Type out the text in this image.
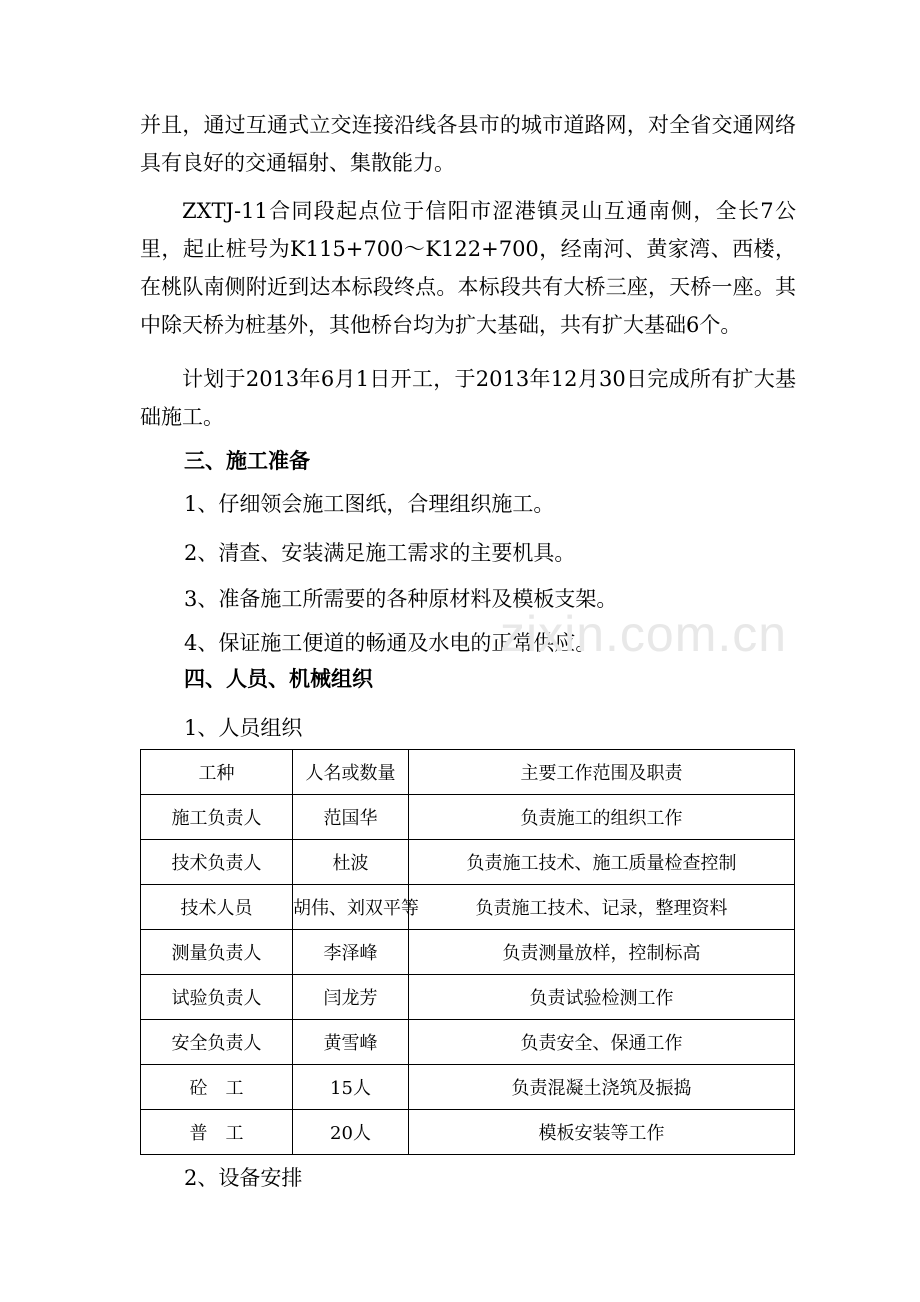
并且，通过互通式立交连接沿线各县市的城市道路网，对全省交通网络具有良好的交通辐射、集散能力。

ZXTJ-11合同段起点位于信阳市涩港镇灵山互通南侧，全长7公里，起止桩号为K115+700～K122+700，经南河、黄家湾、西楼，在桃队南侧附近到达本标段终点。本标段共有大桥三座，天桥一座。其中除天桥为桩基外，其他桥台均为扩大基础，共有扩大基础6个。

计划于2013年6月1日开工，于2013年12月30日完成所有扩大基础施工。

三、施工准备
1、仔细领会施工图纸，合理组织施工。
2、清查、安装满足施工需求的主要机具。
3、准备施工所需要的各种原材料及模板支架。
4、保证施工便道的畅通及水电的正常供应。
四、人员、机械组织
1、人员组织
zixin.com.cn
工种	人名或数量	主要工作范围及职责
施工负责人	范国华	负责施工的组织工作
技术负责人	杜波	负责施工技术、施工质量检查控制
技术人员	胡伟、刘双平等	负责施工技术、记录，整理资料
测量负责人	李泽峰	负责测量放样，控制标高
试验负责人	闫龙芳	负责试验检测工作
安全负责人	黄雪峰	负责安全、保通工作
砼　工	15人	负责混凝土浇筑及振捣
普　工	20人	模板安装等工作
2、设备安排
